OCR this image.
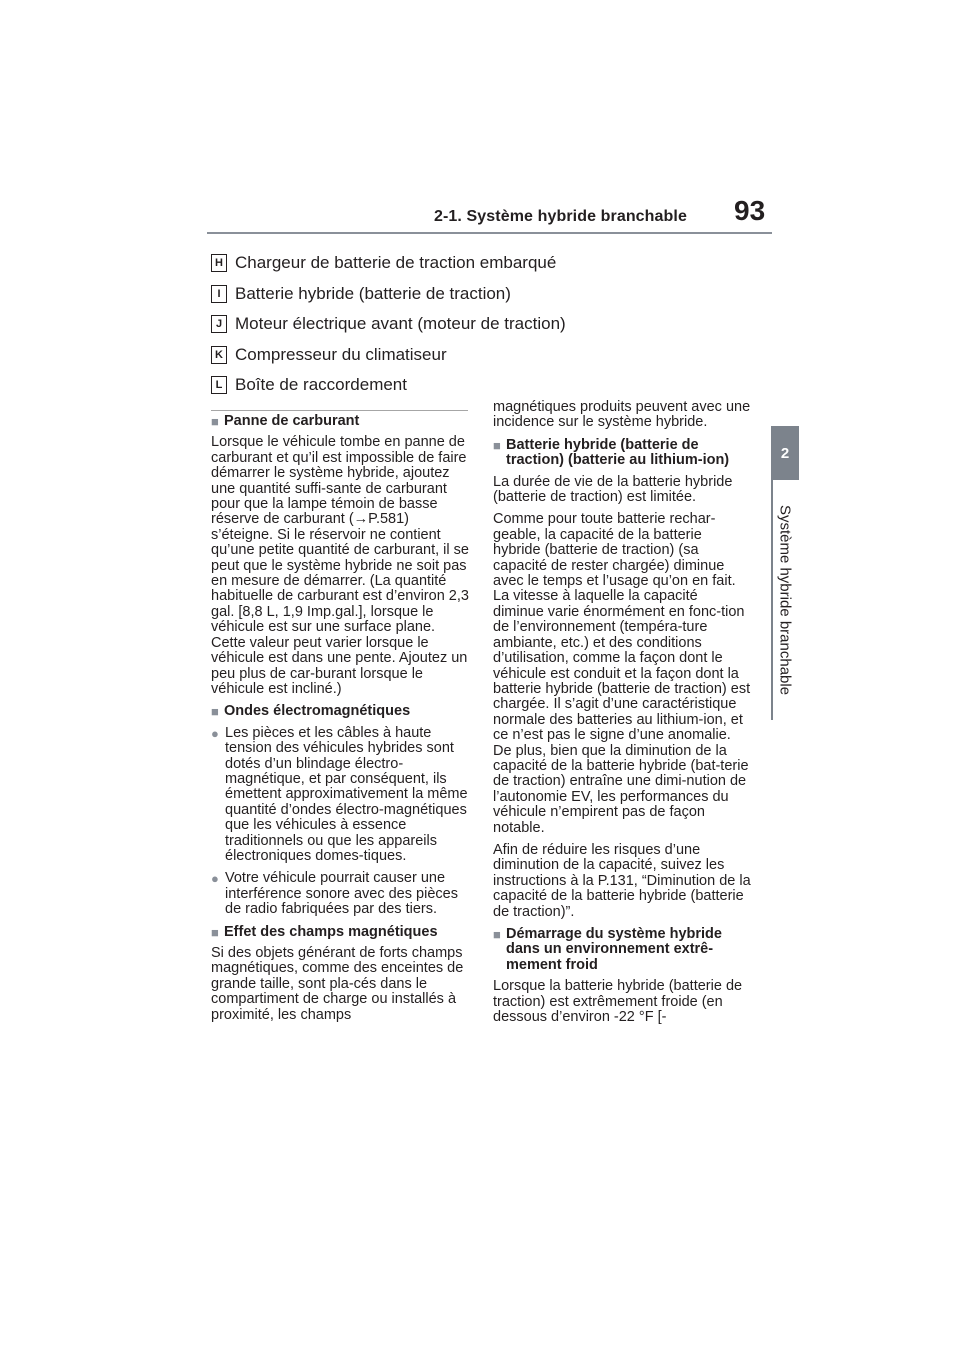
2-1. Système hybride branchable 93
2
Système hybride branchable
H Chargeur de batterie de traction embarqué
I Batterie hybride (batterie de traction)
J Moteur électrique avant (moteur de traction)
K Compresseur du climatiseur
L Boîte de raccordement
■ Panne de carburant

Lorsque le véhicule tombe en panne de carburant et qu’il est impossible de faire démarrer le système hybride, ajoutez une quantité suffi-sante de carburant pour que la lampe témoin de basse réserve de carburant (→P.581) s’éteigne. Si le réservoir ne contient qu’une petite quantité de carburant, il se peut que le système hybride ne soit pas en mesure de démarrer. (La quantité habituelle de carburant est d’environ 2,3 gal. [8,8 L, 1,9 Imp.gal.], lorsque le véhicule est sur une surface plane. Cette valeur peut varier lorsque le véhicule est dans une pente. Ajoutez un peu plus de car-burant lorsque le véhicule est incliné.)

■ Ondes électromagnétiques
● Les pièces et les câbles à haute tension des véhicules hybrides sont dotés d’un blindage électro-magnétique, et par conséquent, ils émettent approximativement la même quantité d’ondes électro-magnétiques que les véhicules à essence traditionnels ou que les appareils électroniques domes-tiques.
● Votre véhicule pourrait causer une interférence sonore avec des pièces de radio fabriquées par des tiers.
■ Effet des champs magnétiques

Si des objets générant de forts champs magnétiques, comme des enceintes de grande taille, sont pla-cés dans le compartiment de charge ou installés à proximité, les champs

magnétiques produits peuvent avec une incidence sur le système hybride.

■ Batterie hybride (batterie de traction) (batterie au lithium-ion)

La durée de vie de la batterie hybride (batterie de traction) est limitée.

Comme pour toute batterie rechar-geable, la capacité de la batterie hybride (batterie de traction) (sa capacité de rester chargée) diminue avec le temps et l’usage qu’on en fait. La vitesse à laquelle la capacité diminue varie énormément en fonc-tion de l’environnement (tempéra-ture ambiante, etc.) et des conditions d’utilisation, comme la façon dont le véhicule est conduit et la façon dont la batterie hybride (batterie de traction) est chargée. Il s’agit d’une caractéristique normale des batteries au lithium-ion, et ce n’est pas le signe d’une anomalie. De plus, bien que la diminution de la capacité de la batterie hybride (bat-terie de traction) entraîne une dimi-nution de l’autonomie EV, les performances du véhicule n’empirent pas de façon notable.

Afin de réduire les risques d’une diminution de la capacité, suivez les instructions à la P.131, “Diminution de la capacité de la batterie hybride (batterie de traction)”.

■ Démarrage du système hybride dans un environnement extrê-mement froid

Lorsque la batterie hybride (batterie de traction) est extrêmement froide (en dessous d’environ -22 °F [-
